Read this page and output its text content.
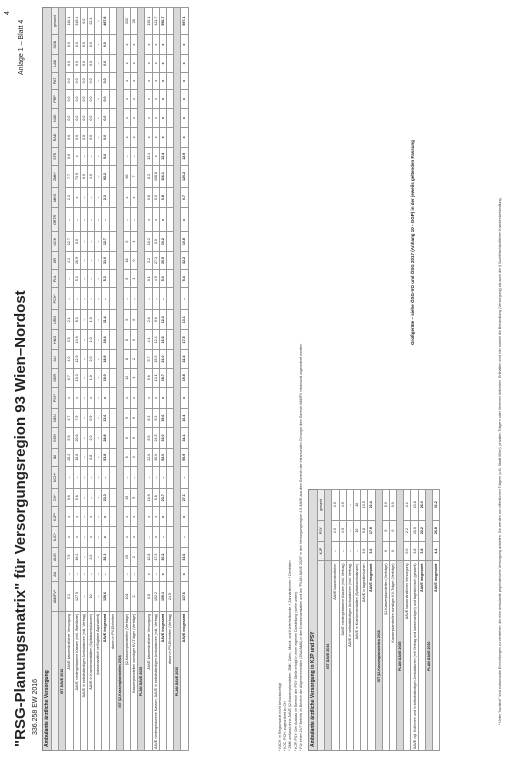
4
"RSG-Planungsmatrix" für Versorgungsregion 93 Wien–Nordost 336.258 EW 2016
Anlage 1 – Blatt 4
Ambulante ärztliche Versorgung
	AM/IFV*	AN	AUG	KJC*	KJP*	CH*	NCH*	IM	GGH	NEU	PSY*	DER	AU	HNO	URO	PCH*	PUL	OR	UCH	ORTR	MKG	ZMK*	STR	RAD	NUK	PRP	PAT	LAB	SON	gesamt
IST ÄAVE 2016																														
ÄAVE kassenärztlicher Versorgung	0.1	–	7.9	x	x	9.6	–	28.2	5.9	4.7	x	6.7	4.0	3.5	2.1	–	–	4.1	12.7	–	2.3	7.7	5.6	0.0	0.0	0.0	0.0	0.0	0.0	110.1
ÄAVE niedergelassene Kassen (inkl. Wahlärzte)	127.5	–	16.2	x	x	5.6	–	18.8	20.8	7.9	x	10.3	12.9	13.9	8.3	–	5.3	26.9	0.0	–	x	73.9	x	0.0	0.0	0.0	0.0	0.0	0.0	348.4
ÄAVE in selbstständigen Ambulatorien (inkl. Vertrag)	–	–	–	–	–	–	–	–	–	–	–	–	–	–	–	–	–	–	–	–	–	6.0	–	0.0	0.0	0.0	0.0	0.0	0.0	6.0
ÄAVE in Krankenanstalten (Spitalsambulanzen)	10	–	2.0	x	x	–	–	0.8	2.0	0.9	x	1.0	2.0	1.0	1.0	–	–	–	–	–	–	4.0	–	0.0	0.0	0.0	0.0	0.0	0.0	22.3
(kassenarztlich verfügbare Äquivalent)	–	–	–	–	–	–	–	–	–	–	–	–	–	–	–	–	–	–	–	–	–	–	–	–	–	–	–	–	–	–
ÄAVE insgesamt	128.6	–	26.1	x	x	23.3	–	53.8	28.8	13.6	x	19.0	18.9	18.4	11.4	–	5.3	31.0	12.7	–	2.3	92.2	5.6	0.0	0.0	0.0	0.0	0.0	0.0	487.8
davon in PV-Einheiten																														
IST §2-Kassenplanstellen 2016																														
§2-Kassenplanstellen (Verträge)	101	–	15	x	x	15	–	6	6	9	x	12	8	8	5	–	5	18	0	–	x	66	–	x	x	x	x	x	x	333
Kassenplanstellen sonstiger KV-Träger (Verträge)	2	–	2	x	x	5	–	3	0	0	x	1	2	0	0	–	1	0	1	–	x	7	–	x	x	x	x	x	x	26
PLAN ÄAVE 2025																														
ÄAVE kassenärztlicher Versorgung	6.8	x	12.8	–	x	16.9	–	22.0	8.5	6.3	x	5.6	5.7	4.1	2.6	–	0.1	3.2	10.2	x	0.8	8.3	12.4	x	x	x	x	x	x	135.1
ÄAVE niedergelassene Kassen; ÄAVE in selbstständigen Ambulatorien (inkl. Vertrag)	102.2	–	17.3	x	x	6.8	–	30.0	24.5	9.3	x	13.1	15.3	12.4	9.6	–	4.9	27.3	0.0	x	0.0	108.8	x	x	x	x	x	x	x	421.7
ÄAVE insgesamt	109.1	x	30.2	–	x	23.7	–	52.0	33.0	15.6	x	18.7	21.0	16.5	12.3	–	5.0	30.5	10.2	x	0.8	116.1	12.4	x	x	x	x	x	x	556.7
davon in PV-Einheiten (Vertrag)	24.5																													
PLAN ÄAVE 2030																														
ÄAVE insgesamt	117.6	x	33.6	–	x	27.1	–	55.9	34.1	16.4	x	19.8	22.4	17.5	13.1	–	5.4	32.2	10.8	x	0.7	120.2	12.9	x	x	x	x	x	x	597.1
* NICH: in Regionsarzt nicht berücksichtigt * KJC, PCH: zugeordnet zu CH * ZMK umfasst ohne ÄAVE §2-Kassenplanstellen: ZMK, Zahn-, Mund- und Kieferheilkunde + Zahnärztinnen + Dentisten * KJP, PSY: Der Ausbau im Bereich der PSY Stelle erfolgt in einer eigenen Darstellung (siehe unten) * Für einen 24/7 Betrieb im Bereich der Allgemeinmedizin (ZNA/AMA) in den Krankenanstalten und bei "PLAN ÄAVE 2025" in den Versorgungsregion 4.5 ÄAVE aus dem Bereich der intramuralen Chirurgie dem Bereich AM/IFV intramural zugeordnet worden.	Ambulante ärztliche Versorgung in KJP und PSY
	KJP	PSY	gesamt
IST ÄAVE 2016			
ÄAVE kassenärztlicher	–	2.0	2.0
ÄAVE niedergelassene Kassen (inkl. Vertrag)	–	4.9	4.9
ÄAVE in selbstständigen Ambulatorien (inkl. Vertrag)	–	–	–
ÄAVE in Krankenanstalten (Spitalsambulanzen)	–	10	10
ÄAVE in tagesklinischen	3.6	9.8	13.5
ÄAVE insgesamt	3.6	17.8	21.4
IST §2-Kassenplanstellen 2016			
§2-Kassenplanstellen (Verträge)	0	5	5.0
Kassenplanstellen sonstiger KV-Träger (Verträge)	0	0	0.0
PLAN ÄAVE 2025			
ÄAVE kassenärztlicher Versorgung	0.0	2.2	2.2
ÄAVE ngl. Kollinnen und in selbstständigen Ambulatorien (mit Vertrag und kassenartigen) und tagesklinisch (gesamt)	3.8	20.0	23.8
ÄAVE insgesamt	3.8	22.2	26.0
PLAN ÄAVE 2030			
ÄAVE insgesamt	4.4	26.8	31.2
Großgeräte – siehe ÖSG-VO und ÖSG 2017 (Anhang 10 - GGP) in der jeweils geltenden Fassung	* Unter "kurative" sind extramurale Einrichtungen zu verstehen, die eine ambulante psychiatrische Versorgung anbieten. Sie werden von öffentlichen Trägern (u.B. Stadt Wien), privaten Trägern oder Vereinen betrieben. Enthalten sind hier sowohl die Behandlung (Versorgung) als auch die § Sucht/fachärztlichen Krankenbehandlung.
